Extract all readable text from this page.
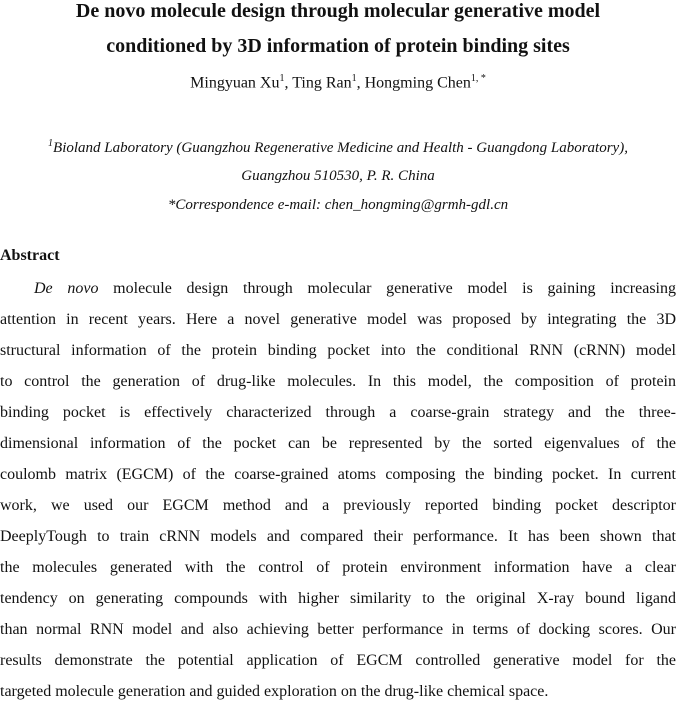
De novo molecule design through molecular generative model
conditioned by 3D information of protein binding sites
Mingyuan Xu$^1$, Ting Ran$^1$, Hongming Chen$^{1, *}$
$^1$Bioland Laboratory (Guangzhou Regenerative Medicine and Health - Guangdong Laboratory),
Guangzhou 510530, P. R. China
*Correspondence e-mail: chen_hongming@grmh-gdl.cn
Abstract
De novo molecule design through molecular generative model is gaining increasing
attention in recent years. Here a novel generative model was proposed by integrating the 3D
structural information of the protein binding pocket into the conditional RNN (cRNN) model
to control the generation of drug-like molecules. In this model, the composition of protein
binding pocket is effectively characterized through a coarse-grain strategy and the three-
dimensional information of the pocket can be represented by the sorted eigenvalues of the
coulomb matrix (EGCM) of the coarse-grained atoms composing the binding pocket. In current
work, we used our EGCM method and a previously reported binding pocket descriptor
DeeplyTough to train cRNN models and compared their performance. It has been shown that
the molecules generated with the control of protein environment information have a clear
tendency on generating compounds with higher similarity to the original X-ray bound ligand
than normal RNN model and also achieving better performance in terms of docking scores. Our
results demonstrate the potential application of EGCM controlled generative model for the
targeted molecule generation and guided exploration on the drug-like chemical space.
